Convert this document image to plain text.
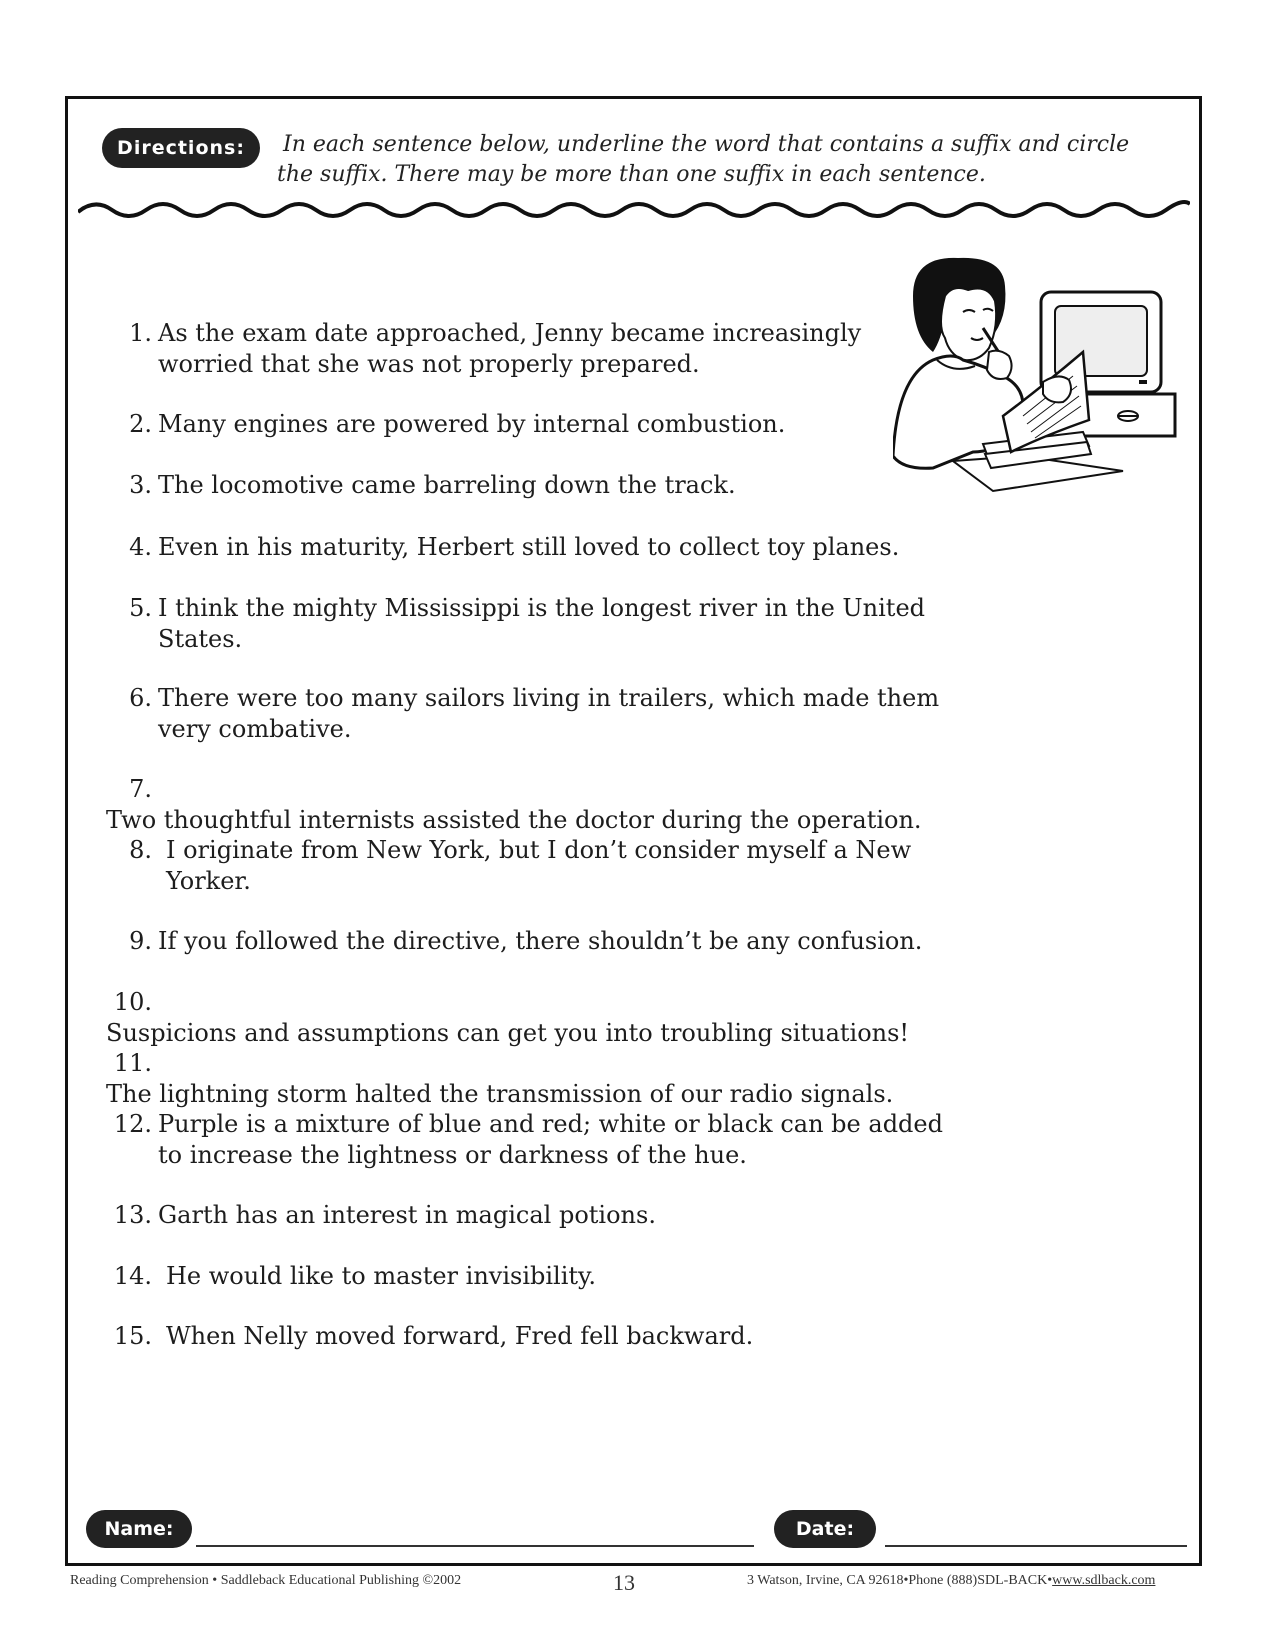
Directions:	In each sentence below, underline the word that contains a suffix and circle

the suffix. There may be more than one suffix in each sentence.
1. As the exam date approached, Jenny became increasingly worried that she was not properly prepared.
2. Many engines are powered by internal combustion.
3. The locomotive came barreling down the track.
4. Even in his maturity, Herbert still loved to collect toy planes.
5. I think the mighty Mississippi is the longest river in the United States.
6. There were too many sailors living in trailers, which made them very combative.
7.Two thoughtful internists assisted the doctor during the operation.
8. I originate from New York, but I don’t consider myself a New Yorker.
9. If you followed the directive, there shouldn’t be any confusion.
10.Suspicions and assumptions can get you into troubling situations!
11.The lightning storm halted the transmission of our radio signals.
12. Purple is a mixture of blue and red; white or black can be added to increase the lightness or darkness of the hue.
13. Garth has an interest in magical potions.
14. He would like to master invisibility.
15. When Nelly moved forward, Fred fell backward.
Name:	Date:
Reading Comprehension • Saddleback Educational Publishing ©2002	13	3 Watson, Irvine, CA 92618•Phone (888)SDL-BACK•www.sdlback.com
